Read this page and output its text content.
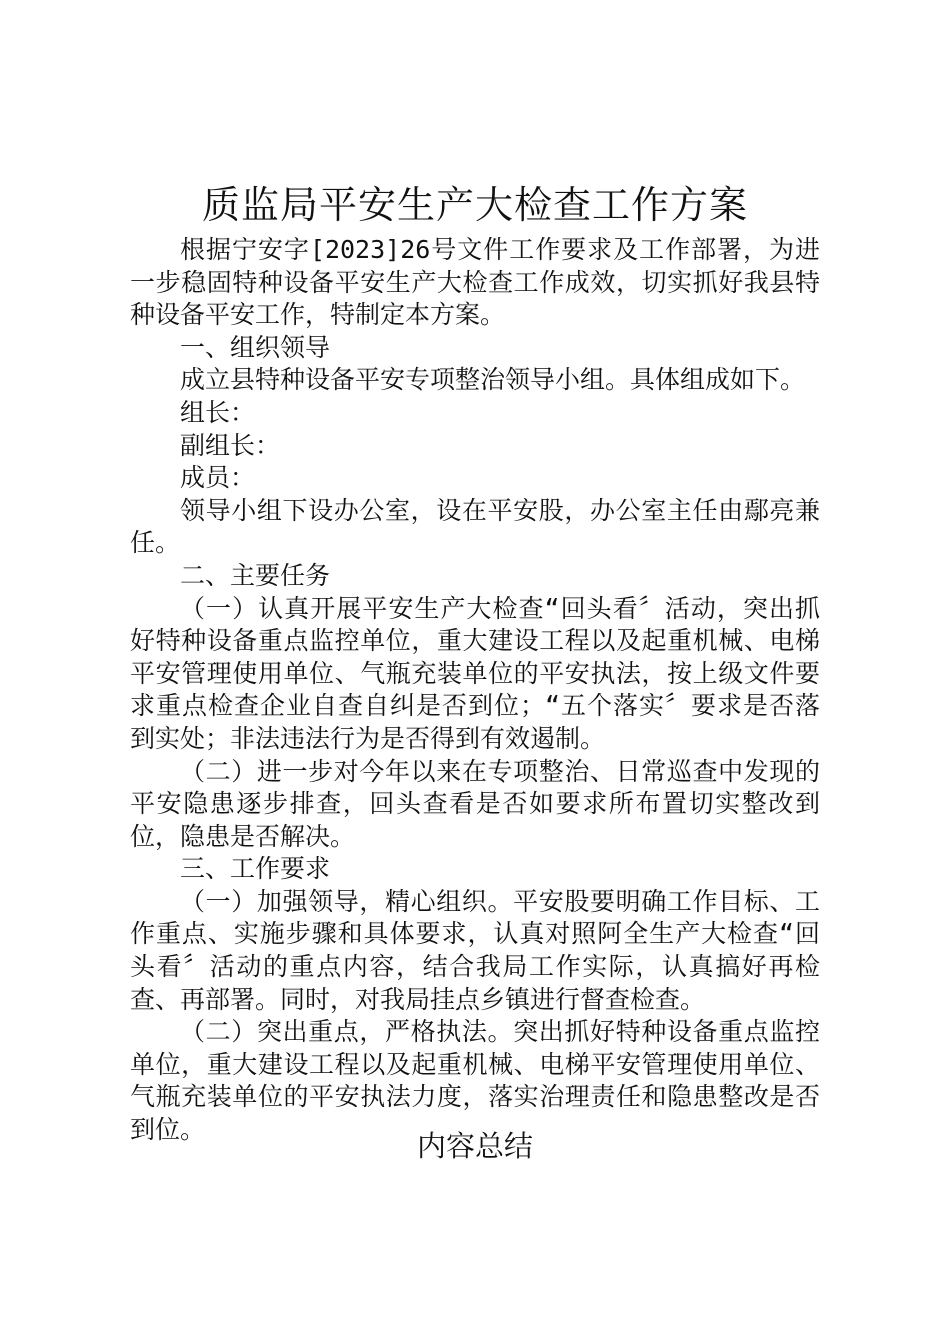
质监局平安生产大检查工作方案

根据宁安字[2023]26号文件工作要求及工作部署，为进一步稳固特种设备平安生产大检查工作成效，切实抓好我县特种设备平安工作，特制定本方案。

一、组织领导

成立县特种设备平安专项整治领导小组。具体组成如下。

组长：

副组长：

成员：

领导小组下设办公室，设在平安股，办公室主任由鄢亮兼任。

二、主要任务

（一）认真开展平安生产大检查“回头看〞活动，突出抓好特种设备重点监控单位，重大建设工程以及起重机械、电梯平安管理使用单位、气瓶充装单位的平安执法，按上级文件要求重点检查企业自查自纠是否到位；“五个落实〞要求是否落到实处；非法违法行为是否得到有效遏制。

（二）进一步对今年以来在专项整治、日常巡查中发现的平安隐患逐步排查，回头查看是否如要求所布置切实整改到位，隐患是否解决。

三、工作要求

（一）加强领导，精心组织。平安股要明确工作目标、工作重点、实施步骤和具体要求，认真对照阿全生产大检查“回头看〞活动的重点内容，结合我局工作实际，认真搞好再检查、再部署。同时，对我局挂点乡镇进行督查检查。

（二）突出重点，严格执法。突出抓好特种设备重点监控单位，重大建设工程以及起重机械、电梯平安管理使用单位、气瓶充装单位的平安执法力度，落实治理责任和隐患整改是否到位。	内容总结
